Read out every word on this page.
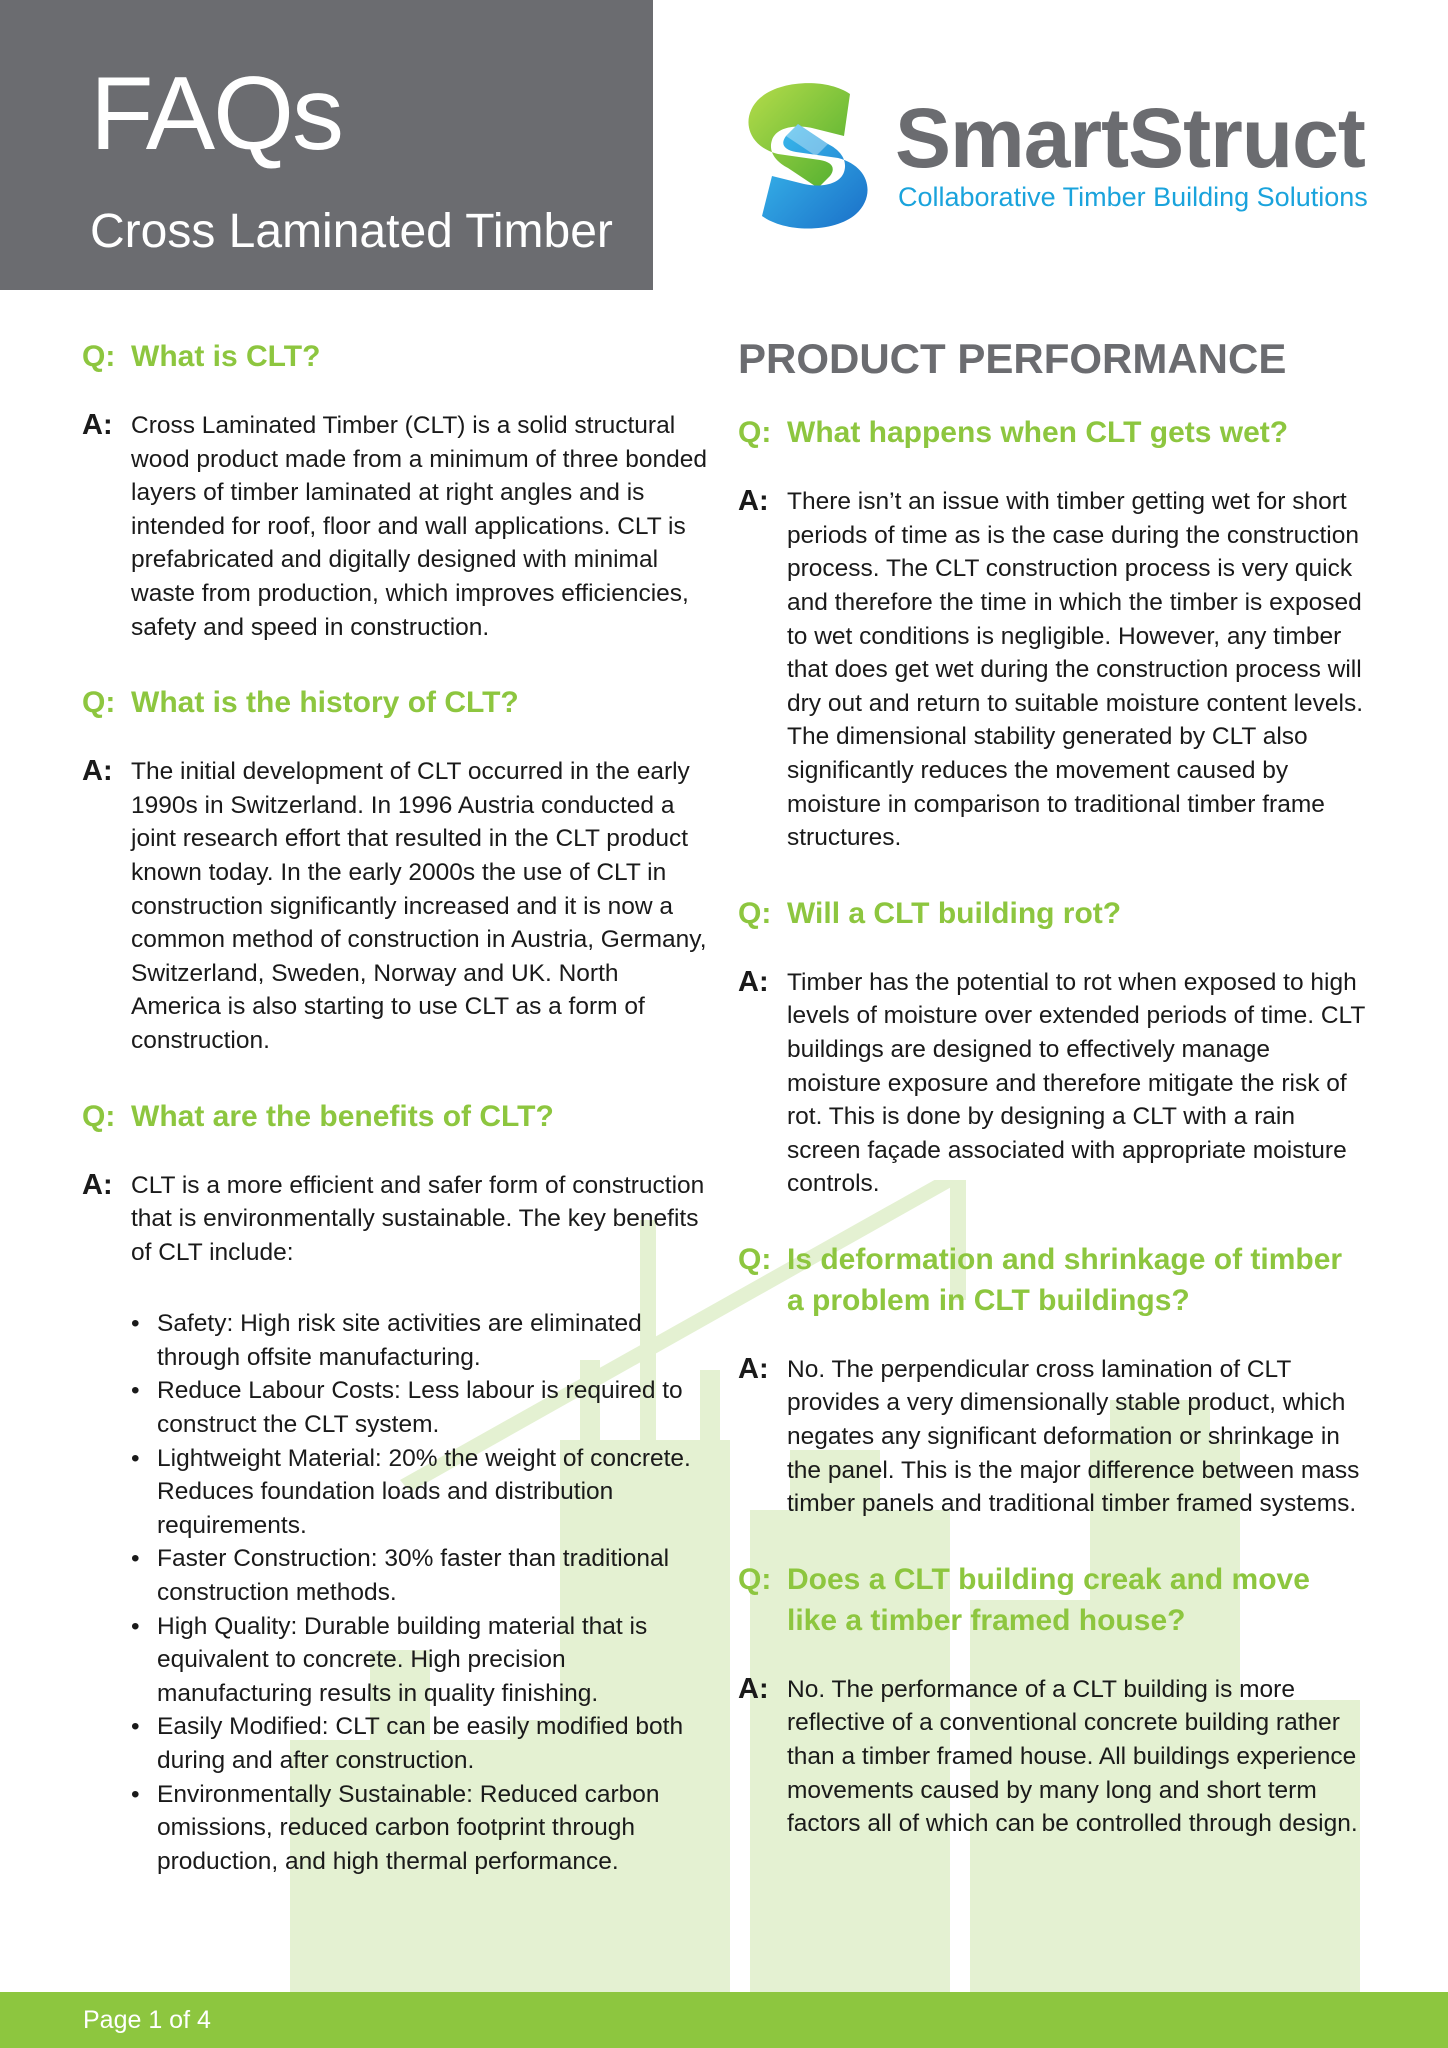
FAQs
Cross Laminated Timber
SmartStruct
Collaborative Timber Building Solutions
Q: What is CLT?
A: Cross Laminated Timber (CLT) is a solid structural wood product made from a minimum of three bonded layers of timber laminated at right angles and is intended for roof, floor and wall applications. CLT is prefabricated and digitally designed with minimal waste from production, which improves efficiencies, safety and speed in construction.

Q: What is the history of CLT?
A: The initial development of CLT occurred in the early 1990s in Switzerland. In 1996 Austria conducted a joint research effort that resulted in the CLT product known today. In the early 2000s the use of CLT in construction significantly increased and it is now a common method of construction in Austria, Germany, Switzerland, Sweden, Norway and UK. North America is also starting to use CLT as a form of construction.

Q: What are the benefits of CLT?
A: CLT is a more efficient and safer form of construction that is environmentally sustainable. The key benefits of CLT include:

• Safety: High risk site activities are eliminated through offsite manufacturing.
• Reduce Labour Costs: Less labour is required to construct the CLT system.
• Lightweight Material: 20% the weight of concrete. Reduces foundation loads and distribution requirements.
• Faster Construction: 30% faster than traditional construction methods.
• High Quality: Durable building material that is equivalent to concrete. High precision manufacturing results in quality finishing.
• Easily Modified: CLT can be easily modified both during and after construction.
• Environmentally Sustainable: Reduced carbon omissions, reduced carbon footprint through production, and high thermal performance.
PRODUCT PERFORMANCE
Q: What happens when CLT gets wet?
A: There isn’t an issue with timber getting wet for short periods of time as is the case during the construction process. The CLT construction process is very quick and therefore the time in which the timber is exposed to wet conditions is negligible. However, any timber that does get wet during the construction process will dry out and return to suitable moisture content levels. The dimensional stability generated by CLT also significantly reduces the movement caused by moisture in comparison to traditional timber frame structures.

Q: Will a CLT building rot?
A: Timber has the potential to rot when exposed to high levels of moisture over extended periods of time. CLT buildings are designed to effectively manage moisture exposure and therefore mitigate the risk of rot. This is done by designing a CLT with a rain screen façade associated with appropriate moisture controls.

Q: Is deformation and shrinkage of timber a problem in CLT buildings?
A: No. The perpendicular cross lamination of CLT provides a very dimensionally stable product, which negates any significant deformation or shrinkage in the panel. This is the major difference between mass timber panels and traditional timber framed systems.

Q: Does a CLT building creak and move like a timber framed house?
A: No. The performance of a CLT building is more reflective of a conventional concrete building rather than a timber framed house. All buildings experience movements caused by many long and short term factors all of which can be controlled through design.

Page 1 of 4
